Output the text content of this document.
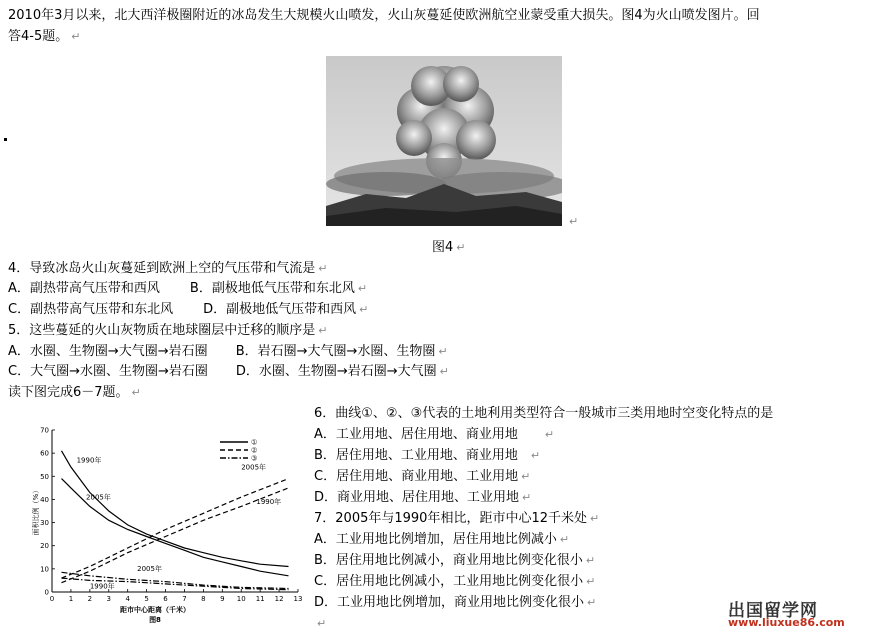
2010年3月以来，北大西洋极圈附近的冰岛发生大规模火山喷发，火山灰蔓延使欧洲航空业蒙受重大损失。图4为火山喷发图片。回
答4-5题。 ↵
↵
图4 ↵
4．导致冰岛火山灰蔓延到欧洲上空的气压带和气流是 ↵
A．副热带高气压带和西风 B．副极地低气压带和东北风 ↵
C．副热带高气压带和东北风 D．副极地低气压带和西风 ↵
5．这些蔓延的火山灰物质在地球圈层中迁移的顺序是 ↵
A．水圈、生物圈→大气圈→岩石圈 B．岩石圈→大气圈→水圈、生物圈 ↵
C．大气圈→水圈、生物圈→岩石圈 D．水圈、生物圈→岩石圈→大气圈 ↵
读下图完成6－7题。 ↵
0 1 2 3 4 5 6 7 8 9 10 11 12 13
0
10
20
30
40
50
60
70
面积比例（%）
距市中心距离（千米）
图8
1990年
2005年
2005年
1990年
2005年
1990年
①
②
③
6．曲线①、②、③代表的土地利用类型符合一般城市三类用地时空变化特点的是
A．工业用地、居住用地、商业用地 ↵
B．居住用地、工业用地、商业用地 ↵
C．居住用地、商业用地、工业用地 ↵
D．商业用地、居住用地、工业用地 ↵
7．2005年与1990年相比，距市中心12千米处 ↵
A．工业用地比例增加，居住用地比例减小 ↵
B．居住用地比例减小，商业用地比例变化很小 ↵
C．居住用地比例减小，工业用地比例变化很小 ↵
D．工业用地比例增加，商业用地比例变化很小 ↵
↵
出国留学网
www.liuxue86.com
